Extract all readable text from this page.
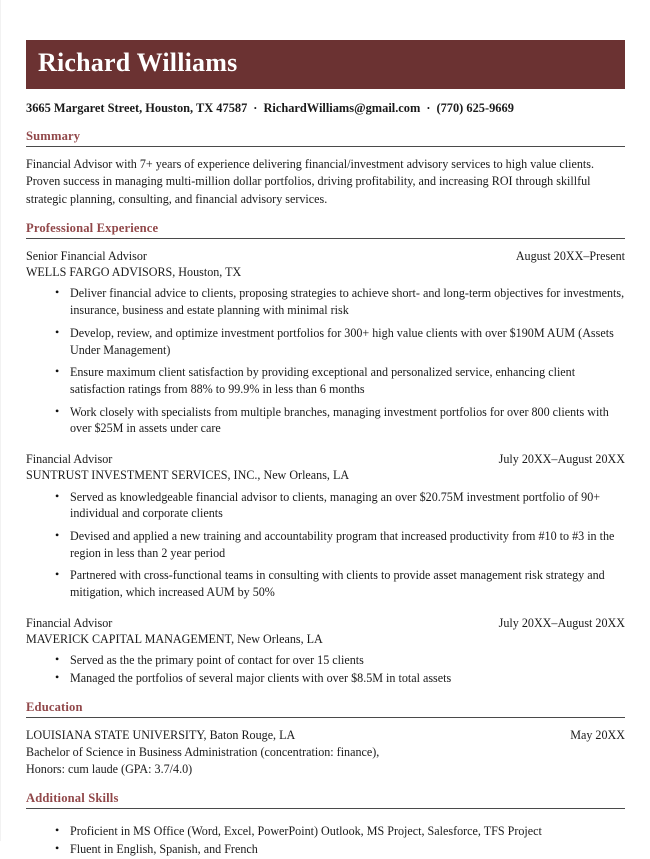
Richard Williams
3665 Margaret Street, Houston, TX 47587 · RichardWilliams@gmail.com · (770) 625-9669
Summary
Financial Advisor with 7+ years of experience delivering financial/investment advisory services to high value clients. Proven success in managing multi-million dollar portfolios, driving profitability, and increasing ROI through skillful strategic planning, consulting, and financial advisory services.
Professional Experience
Senior Financial Advisor	August 20XX–Present
WELLS FARGO ADVISORS, Houston, TX
• Deliver financial advice to clients, proposing strategies to achieve short- and long-term objectives for investments, insurance, business and estate planning with minimal risk
• Develop, review, and optimize investment portfolios for 300+ high value clients with over $190M AUM (Assets Under Management)
• Ensure maximum client satisfaction by providing exceptional and personalized service, enhancing client satisfaction ratings from 88% to 99.9% in less than 6 months
• Work closely with specialists from multiple branches, managing investment portfolios for over 800 clients with over $25M in assets under care
Financial Advisor	July 20XX–August 20XX
SUNTRUST INVESTMENT SERVICES, INC., New Orleans, LA
• Served as knowledgeable financial advisor to clients, managing an over $20.75M investment portfolio of 90+ individual and corporate clients
• Devised and applied a new training and accountability program that increased productivity from #10 to #3 in the region in less than 2 year period
• Partnered with cross-functional teams in consulting with clients to provide asset management risk strategy and mitigation, which increased AUM by 50%
Financial Advisor	July 20XX–August 20XX
MAVERICK CAPITAL MANAGEMENT, New Orleans, LA
• Served as the the primary point of contact for over 15 clients
• Managed the portfolios of several major clients with over $8.5M in total assets
Education
LOUISIANA STATE UNIVERSITY, Baton Rouge, LA	May 20XX
Bachelor of Science in Business Administration (concentration: finance),
Honors: cum laude (GPA: 3.7/4.0)
Additional Skills
• Proficient in MS Office (Word, Excel, PowerPoint) Outlook, MS Project, Salesforce, TFS Project
• Fluent in English, Spanish, and French
